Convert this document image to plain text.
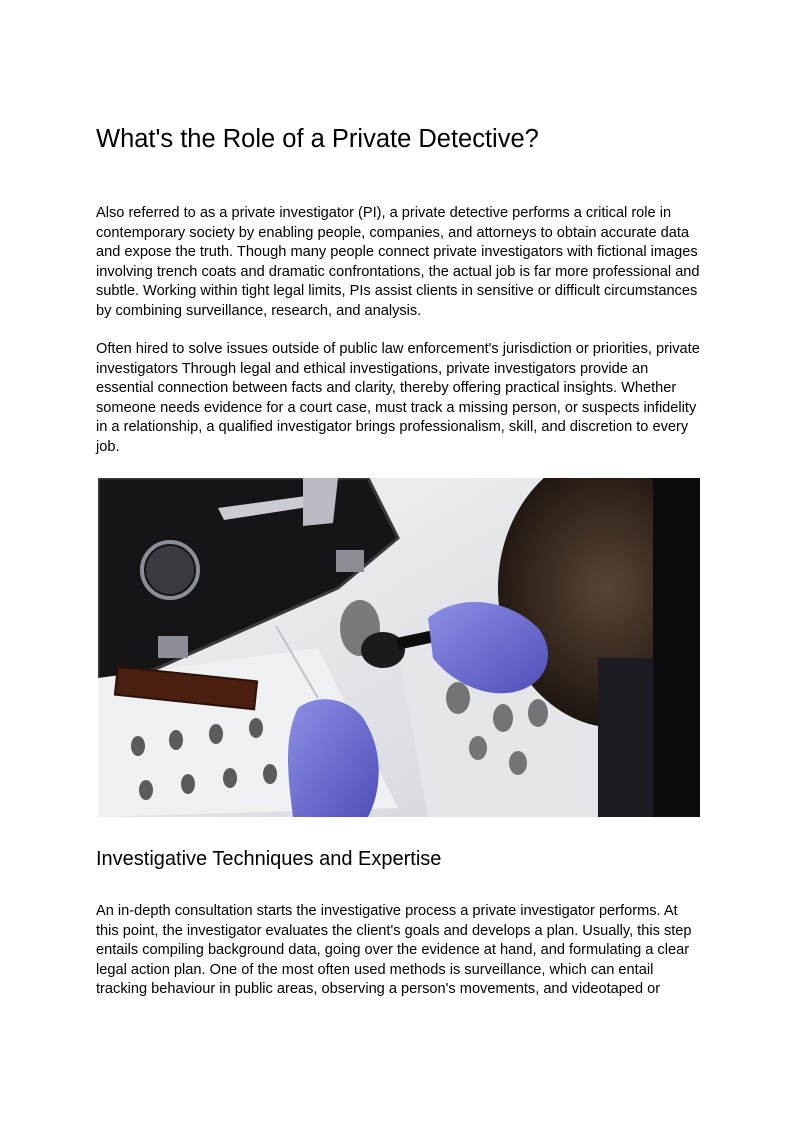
What's the Role of a Private Detective?

Also referred to as a private investigator (PI), a private detective performs a critical role in contemporary society by enabling people, companies, and attorneys to obtain accurate data and expose the truth. Though many people connect private investigators with fictional images involving trench coats and dramatic confrontations, the actual job is far more professional and subtle. Working within tight legal limits, PIs assist clients in sensitive or difficult circumstances by combining surveillance, research, and analysis.

Often hired to solve issues outside of public law enforcement's jurisdiction or priorities, private investigators Through legal and ethical investigations, private investigators provide an essential connection between facts and clarity, thereby offering practical insights. Whether someone needs evidence for a court case, must track a missing person, or suspects infidelity in a relationship, a qualified investigator brings professionalism, skill, and discretion to every job.

Investigative Techniques and Expertise

An in-depth consultation starts the investigative process a private investigator performs. At this point, the investigator evaluates the client's goals and develops a plan. Usually, this step entails compiling background data, going over the evidence at hand, and formulating a clear legal action plan. One of the most often used methods is surveillance, which can entail tracking behaviour in public areas, observing a person's movements, and videotaped or
